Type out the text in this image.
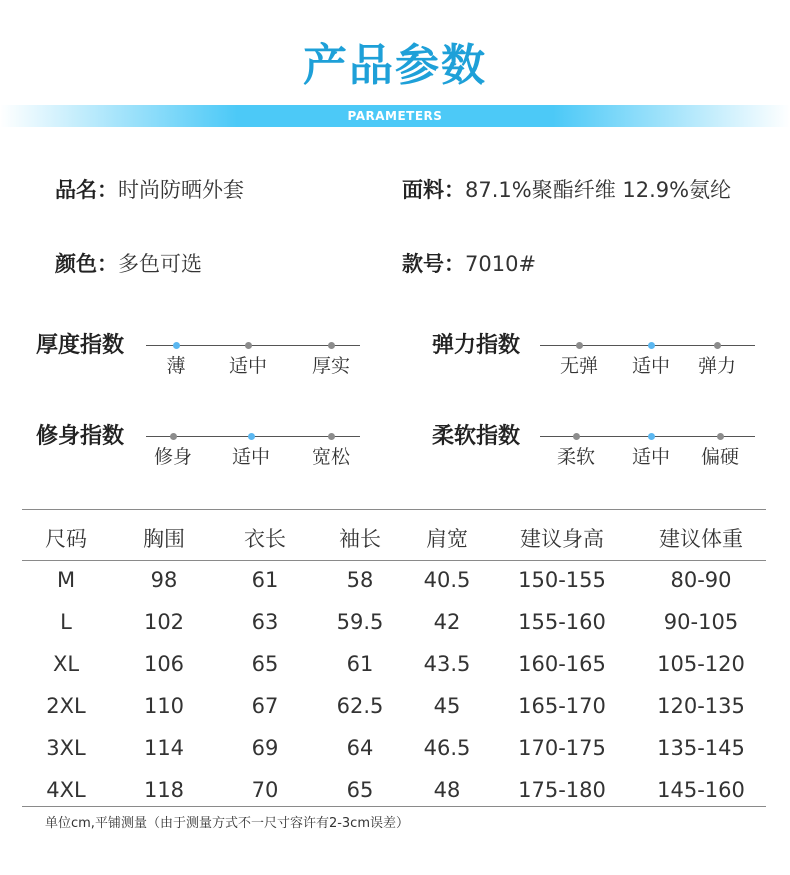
产品参数
PARAMETERS
品名：时尚防晒外套	面料：87.1%聚酯纤维 12.9%氨纶
颜色：多色可选	款号：7010#
厚度指数
薄	适中	厚实
弹力指数
无弹	适中	弹力
修身指数
修身	适中	宽松
柔软指数
柔软	适中	偏硬
尺码	胸围	衣长	袖长	肩宽	建议身高	建议体重
M	98	61	58	40.5	150-155	80-90
L	102	63	59.5	42	155-160	90-105
XL	106	65	61	43.5	160-165	105-120
2XL	110	67	62.5	45	165-170	120-135
3XL	114	69	64	46.5	170-175	135-145
4XL	118	70	65	48	175-180	145-160
单位cm,平铺测量（由于测量方式不一尺寸容许有2-3cm误差）
